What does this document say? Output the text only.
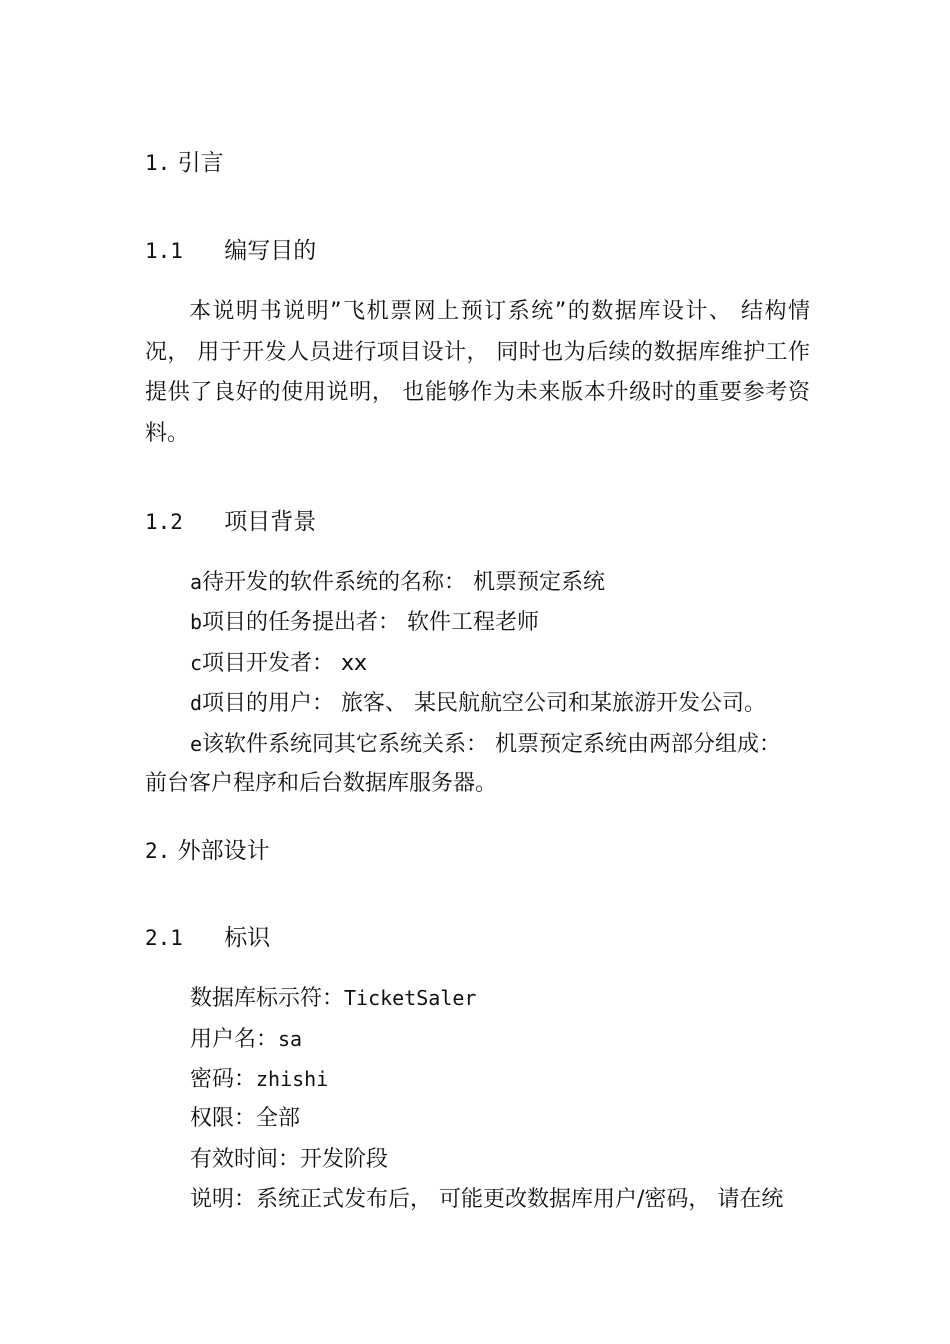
1. 引言
1.1 编写目的

本说明书说明”飞机票网上预订系统”的数据库设计、 结构情况， 用于开发人员进行项目设计， 同时也为后续的数据库维护工作提供了良好的使用说明， 也能够作为未来版本升级时的重要参考资料。

1.2 项目背景
a待开发的软件系统的名称： 机票预定系统
b项目的任务提出者： 软件工程老师
c项目开发者： xx
d项目的用户： 旅客、 某民航航空公司和某旅游开发公司。
e该软件系统同其它系统关系： 机票预定系统由两部分组成：
前台客户程序和后台数据库服务器。
2. 外部设计
2.1 标识
数据库标示符：TicketSaler
用户名：sa
密码：zhishi
权限：全部
有效时间：开发阶段
说明：系统正式发布后， 可能更改数据库用户/密码， 请在统
